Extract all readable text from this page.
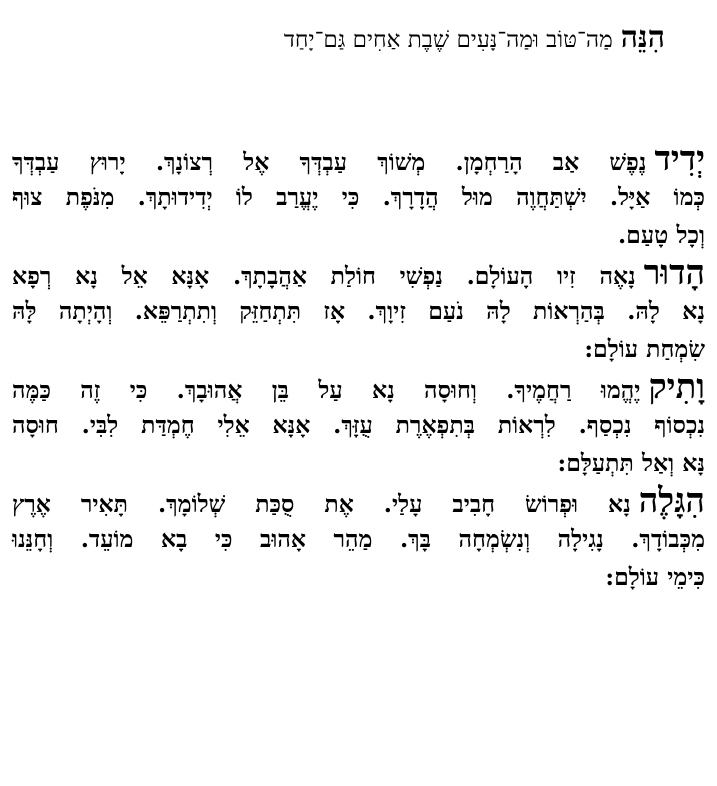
הִנֵּהמַה־טּוֹב וּמַה־נָּעִים שֶׁבֶת אַחִים גַּם־יָחַד
יְדִידנֶפֶשׁ אַב הָרַחְמָן. מְשׁוֹךְ עַבְדְּךָ אֶל רְצוֹנָךְ. יָרוּץ עַבְדְּךָ
כְּמוֹ אַיָּל. יִשְׁתַּחֲוֶה מוּל הֲדָרָךְ. כִּי יֶעֱרַב לוֹ יְדִידוּתָךְ. מִנֹּפֶת צוּף
וְכָל טָעַם.
הָדוּרנָאֶה זִיו הָעוֹלָם. נַפְשִׁי חוֹלַת אַהֲבָתָךְ. אָנָּא אֵל נָא רְפָא
נָא לָהּ. בְּהַרְאוֹת לָהּ נֹעַם זִיוָךְ. אָז תִּתְחַזֵּק וְתִתְרַפֵּא. וְהָיְתָה לָּהּ
שִׂמְחַת עוֹלָם:
וָתִיקיֶהֱמוּ רַחֲמֶיךָ. וְחוּסָה נָא עַל בֵּן אֲהוּבָךְ. כִּי זֶה כַּמֶּה
נִכְסוֹף נִכְסַף. לִרְאוֹת בְּתִפְאֶרֶת עֻזָּךְ. אָנָּא אֵלִי חֶמְדַּת לִבִּי. חוּסָה
נָּא וְאַל תִּתְעַלָּם:
הִגָּלֶהנָא וּפְרוֹשׂ חָבִיב עָלַי. אֶת סֻכַּת שְׁלוֹמָךְ. תָּאִיר אֶרֶץ
מִכְּבוֹדָךְ. נָגִילָה וְנִשְׂמְחָה בָּךְ. מַהֵר אָהוּב כִּי בָא מוֹעֵד. וְחָנֵּנוּ
כִּימֵי עוֹלָם:
